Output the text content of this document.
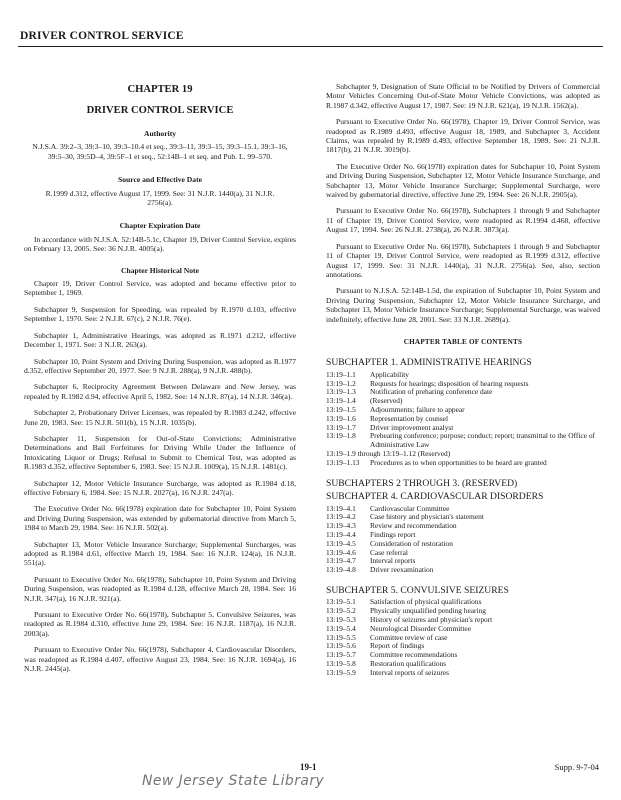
DRIVER CONTROL SERVICE
CHAPTER 19
DRIVER CONTROL SERVICE
Authority
N.J.S.A. 39:2–3, 39:3–10, 39:3–10.4 et seq., 39:3–11, 39:3–15, 39:3–15.1, 39:3–16, 39:5–30, 39:5D–4, 39:5F–1 et seq., 52:14B–1 et seq. and Pub. L. 99–570.
Source and Effective Date
R.1999 d.312, effective August 17, 1999. See: 31 N.J.R. 1440(a), 31 N.J.R. 2756(a).
Chapter Expiration Date

In accordance with N.J.S.A. 52:14B-5.1c, Chapter 19, Driver Control Service, expires on February 13, 2005. See: 36 N.J.R. 4005(a).

Chapter Historical Note

Chapter 19, Driver Control Service, was adopted and became effective prior to September 1, 1969.

Subchapter 9, Suspension for Speeding, was repealed by R.1970 d.103, effective September 1, 1970. See: 2 N.J.R. 67(c), 2 N.J.R. 76(e).

Subchapter 1, Administrative Hearings, was adopted as R.1971 d.212, effective December 1, 1971. See: 3 N.J.R. 263(a).

Subchapter 10, Point System and Driving During Suspension, was adopted as R.1977 d.352, effective September 20, 1977. See: 9 N.J.R. 288(a), 9 N.J.R. 488(b).

Subchapter 6, Reciprocity Agreement Between Delaware and New Jersey, was repealed by R.1982 d.94, effective April 5, 1982. See: 14 N.J.R. 87(a), 14 N.J.R. 346(a).

Subchapter 2, Probationary Driver Licenses, was repealed by R.1983 d.242, effective June 20, 1983. See: 15 N.J.R. 501(b), 15 N.J.R. 1035(b).

Subchapter 11, Suspension for Out-of-State Convictions; Administrative Determinations and Bail Forfeitures for Driving While Under the Influence of Intoxicating Liquor or Drugs; Refusal to Submit to Chemical Test, was adopted as R.1983 d.352, effective September 6, 1983. See: 15 N.J.R. 1009(a), 15 N.J.R. 1481(c).

Subchapter 12, Motor Vehicle Insurance Surcharge, was adopted as R.1984 d.18, effective February 6, 1984. See: 15 N.J.R. 2027(a), 16 N.J.R. 247(a).

The Executive Order No. 66(1978) expiration date for Subchapter 10, Point System and Driving During Suspension, was extended by gubernatorial directive from March 5, 1984 to March 29, 1984. See: 16 N.J.R. 502(a).

Subchapter 13, Motor Vehicle Insurance Surcharge; Supplemental Surcharges, was adopted as R.1984 d.61, effective March 19, 1984. See: 16 N.J.R. 124(a), 16 N.J.R. 551(a).

Pursuant to Executive Order No. 66(1978), Subchapter 10, Point System and Driving During Suspension, was readopted as R.1984 d.128, effective March 28, 1984. See: 16 N.J.R. 347(a), 16 N.J.R. 921(a).

Pursuant to Executive Order No. 66(1978), Subchapter 5, Convulsive Seizures, was readopted as R.1984 d.310, effective June 29, 1984. See: 16 N.J.R. 1187(a), 16 N.J.R. 2003(a).

Pursuant to Executive Order No. 66(1978), Subchapter 4, Cardiovascular Disorders, was readopted as R.1984 d.407, effective August 23, 1984. See: 16 N.J.R. 1694(a), 16 N.J.R. 2445(a).

Subchapter 9, Designation of State Official to be Notified by Drivers of Commercial Motor Vehicles Concerning Out-of-State Motor Vehicle Convictions, was adopted as R.1987 d.342, effective August 17, 1987. See: 19 N.J.R. 621(a), 19 N.J.R. 1562(a).

Pursuant to Executive Order No. 66(1978), Chapter 19, Driver Control Service, was readopted as R.1989 d.493, effective August 18, 1989, and Subchapter 3, Accident Claims, was repealed by R.1989 d.493, effective September 18, 1989. See: 21 N.J.R. 1817(b), 21 N.J.R. 3019(b).

The Executive Order No. 66(1978) expiration dates for Subchapter 10, Point System and Driving During Suspension, Subchapter 12, Motor Vehicle Insurance Surcharge, and Subchapter 13, Motor Vehicle Insurance Surcharge; Supplemental Surcharge, were waived by gubernatorial directive, effective June 29, 1994. See: 26 N.J.R. 2905(a).

Pursuant to Executive Order No. 66(1978), Subchapters 1 through 9 and Subchapter 11 of Chapter 19, Driver Control Service, were readopted as R.1994 d.468, effective August 17, 1994. See: 26 N.J.R. 2738(a), 26 N.J.R. 3873(a).

Pursuant to Executive Order No. 66(1978), Subchapters 1 through 9 and Subchapter 11 of Chapter 19, Driver Control Service, were readopted as R.1999 d.312, effective August 17, 1999. See: 31 N.J.R. 1440(a), 31 N.J.R. 2756(a). See, also, section annotations.

Pursuant to N.J.S.A. 52:14B-1.5d, the expiration of Subchapter 10, Point System and Driving During Suspension, Subchapter 12, Motor Vehicle Insurance Surcharge, and Subchapter 13, Motor Vehicle Insurance Surcharge; Supplemental Surcharge, was waived indefinitely, effective June 28, 2001. See: 33 N.J.R. 2689(a).

CHAPTER TABLE OF CONTENTS
SUBCHAPTER 1. ADMINISTRATIVE HEARINGS
13:19–1.1	Applicability
13:19–1.2	Requests for hearings; disposition of hearing requests
13:19–1.3	Notification of preharing conference date
13:19–1.4	(Reserved)
13:19–1.5	Adjournments; failure to appear
13:19–1.6	Representation by counsel
13:19–1.7	Driver improvement analyst
13:19–1.8	Prehearing conference; purpose; conduct; report; transmittal to the Office of Administrative Law
13:19–1.9 through 13:19–1.12 (Reserved)
13:19–1.13	Procedures as to when opportunities to be heard are granted
SUBCHAPTERS 2 THROUGH 3. (RESERVED)
SUBCHAPTER 4. CARDIOVASCULAR DISORDERS
13:19–4.1	Cardiovascular Committee
13:19–4.2	Case history and physician's statement
13:19–4.3	Review and recommendation
13:19–4.4	Findings report
13:19–4.5	Consideration of restoration
13:19–4.6	Case referral
13:19–4.7	Interval reports
13:19–4.8	Driver reexamination
SUBCHAPTER 5. CONVULSIVE SEIZURES
13:19–5.1	Satisfaction of physical qualifications
13:19–5.2	Physically unqualified pending hearing
13:19–5.3	History of seizures and physician's report
13:19–5.4	Neurological Disorder Committee
13:19–5.5	Committee review of case
13:19–5.6	Report of findings
13:19–5.7	Committee recommendations
13:19–5.8	Restoration qualifications
13:19–5.9	Interval reports of seizures
19-1	Supp. 9-7-04
New Jersey State Library
